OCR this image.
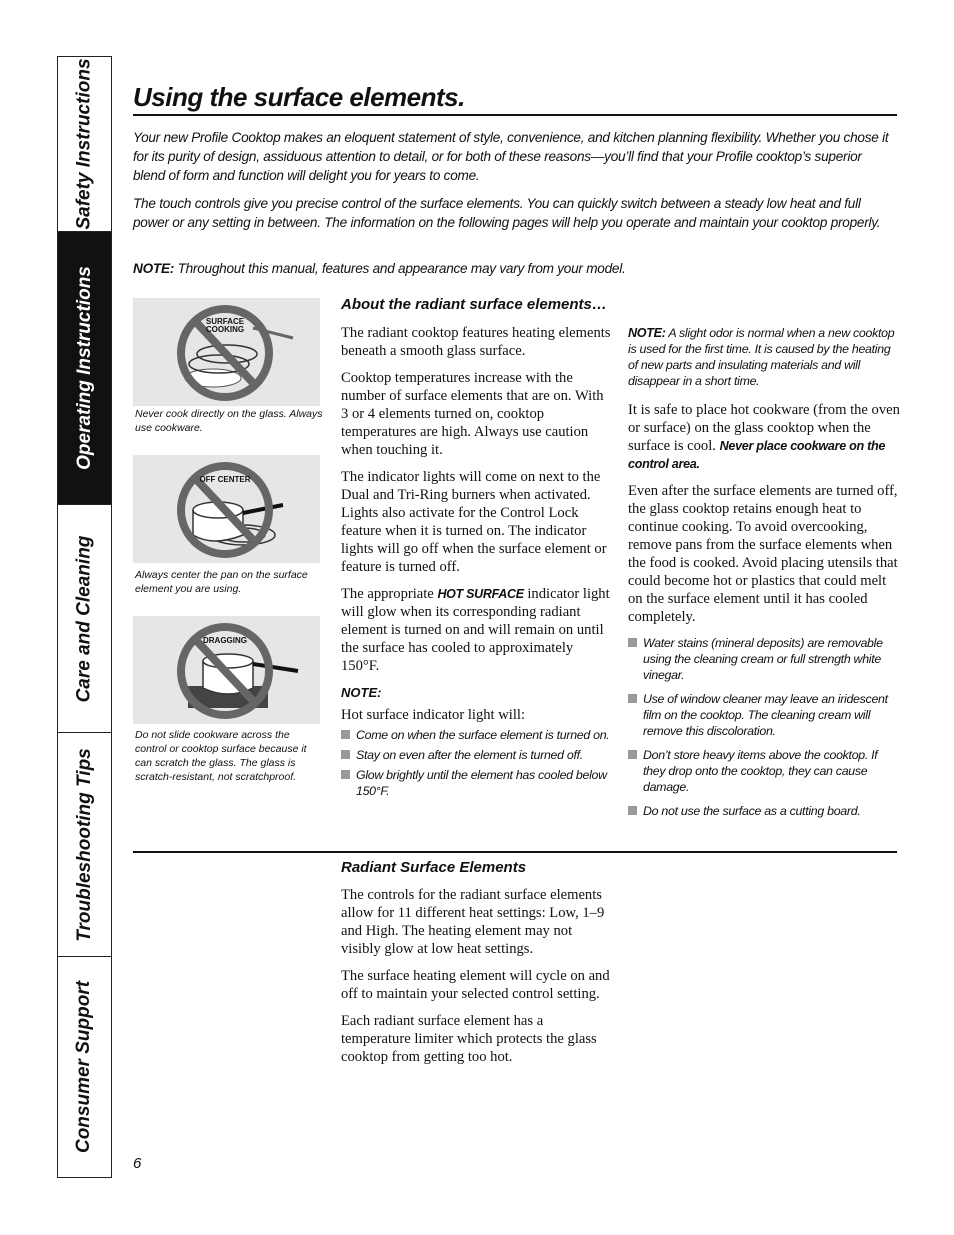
Safety Instructions
Operating Instructions
Care and Cleaning
Troubleshooting Tips
Consumer Support
Using the surface elements.

Your new Profile Cooktop makes an eloquent statement of style, convenience, and kitchen planning flexibility. Whether you chose it for its purity of design, assiduous attention to detail, or for both of these reasons—you’ll find that your Profile cooktop’s superior blend of form and function will delight you for years to come.

The touch controls give you precise control of the surface elements. You can quickly switch between a steady low heat and full power or any setting in between. The information on the following pages will help you operate and maintain your cooktop properly.

NOTE: Throughout this manual, features and appearance may vary from your model.

SURFACE
COOKING

Never cook directly on the glass. Always use cookware.

OFF CENTER

Always center the pan on the surface element you are using.

DRAGGING

Do not slide cookware across the control or cooktop surface because it can scratch the glass. The glass is scratch-resistant, not scratchproof.

About the radiant surface elements…

The radiant cooktop features heating elements beneath a smooth glass surface.

Cooktop temperatures increase with the number of surface elements that are on. With 3 or 4 elements turned on, cooktop temperatures are high. Always use caution when touching it.

The indicator lights will come on next to the Dual and Tri-Ring burners when activated. Lights also activate for the Control Lock feature when it is turned on. The indicator lights will go off when the surface element or feature is turned off.

The appropriate HOT SURFACE indicator light will glow when its corresponding radiant element is turned on and will remain on until the surface has cooled to approximately 150°F.

NOTE:

Hot surface indicator light will:

Come on when the surface element is turned on.
Stay on even after the element is turned off.
Glow brightly until the element has cooled below 150°F.

NOTE: A slight odor is normal when a new cooktop is used for the first time. It is caused by the heating of new parts and insulating materials and will disappear in a short time.

It is safe to place hot cookware (from the oven or surface) on the glass cooktop when the surface is cool. Never place cookware on the control area.

Even after the surface elements are turned off, the glass cooktop retains enough heat to continue cooking. To avoid overcooking, remove pans from the surface elements when the food is cooked. Avoid placing utensils that could become hot or plastics that could melt on the surface element until it has cooled completely.

Water stains (mineral deposits) are removable using the cleaning cream or full strength white vinegar.
Use of window cleaner may leave an iridescent film on the cooktop. The cleaning cream will remove this discoloration.
Don’t store heavy items above the cooktop. If they drop onto the cooktop, they can cause damage.
Do not use the surface as a cutting board.

Radiant Surface Elements

The controls for the radiant surface elements allow for 11 different heat settings: Low, 1–9 and High. The heating element may not visibly glow at low heat settings.

The surface heating element will cycle on and off to maintain your selected control setting.

Each radiant surface element has a temperature limiter which protects the glass cooktop from getting too hot.

6
